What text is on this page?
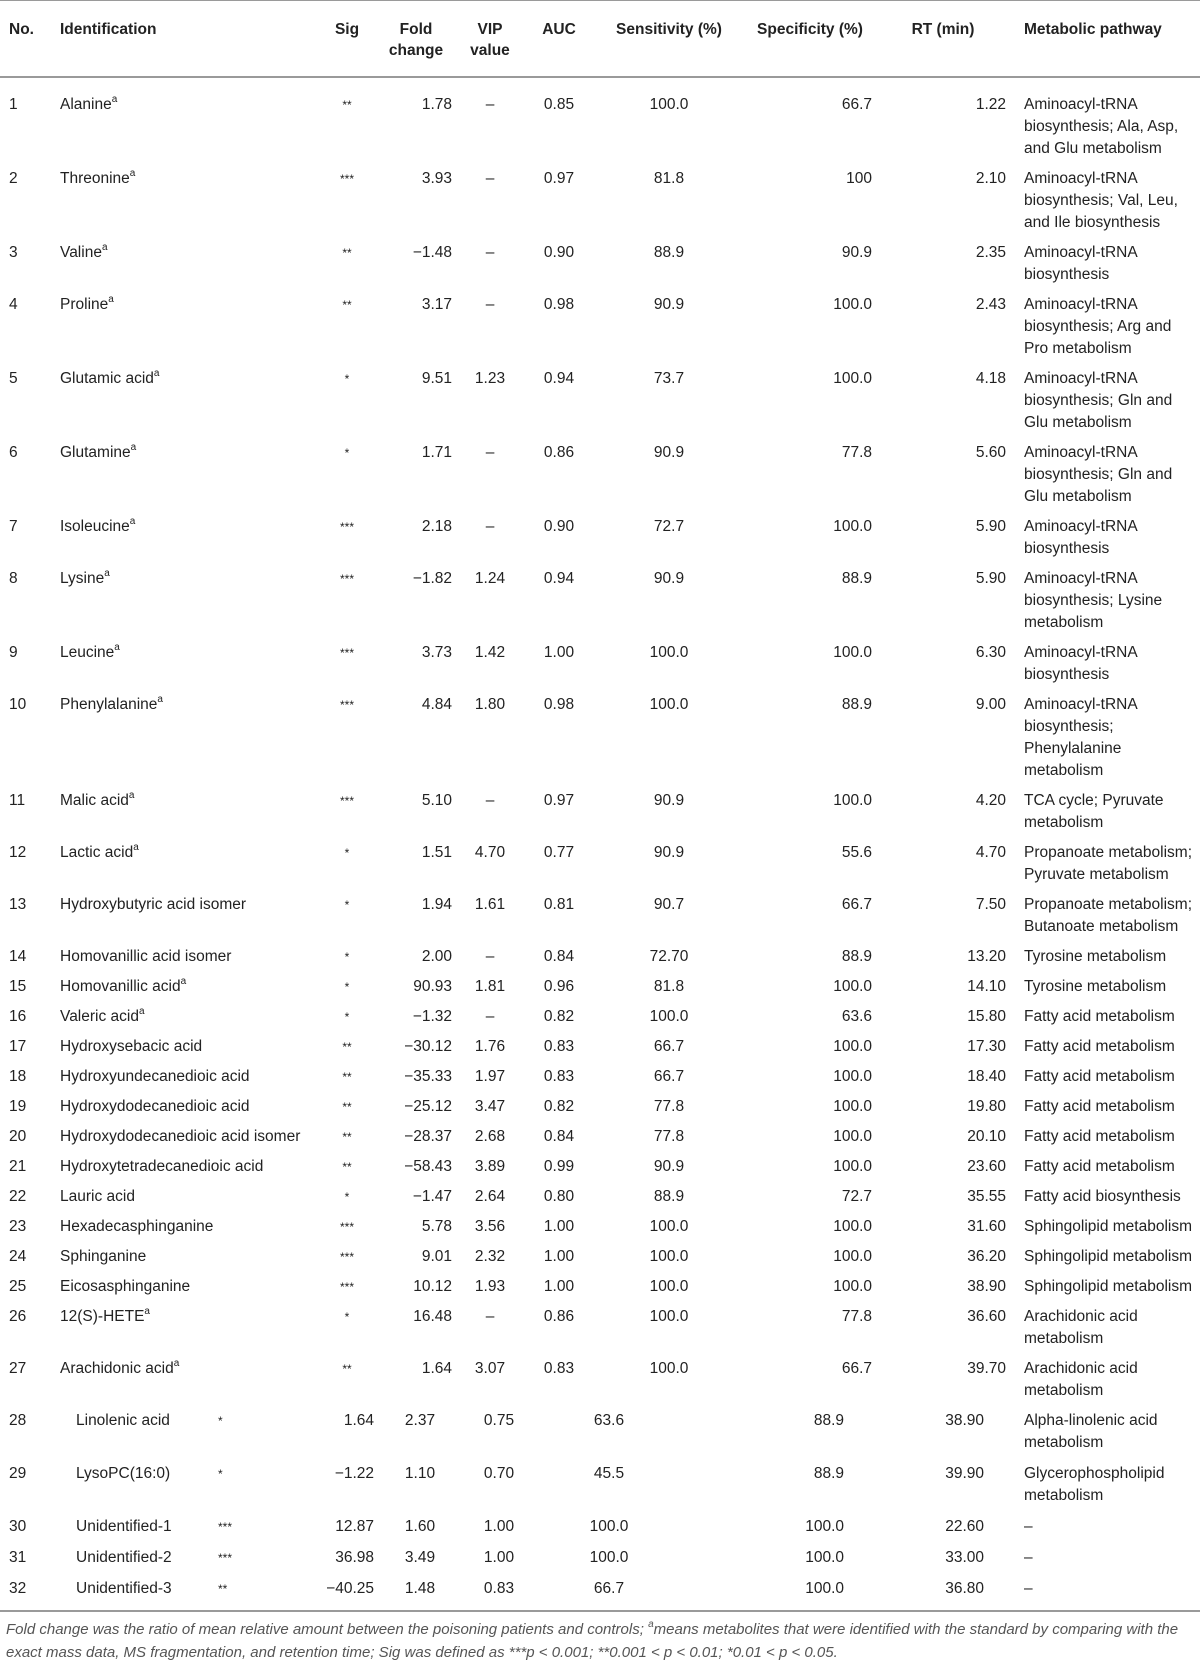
No.	Identification	Sig	Fold change	VIP value	AUC	Sensitivity (%)	Specificity (%)	RT (min)	Metabolic pathway

1	Alanine$^a$	**	1.78	–	0.85	100.0	66.7	1.22	Aminoacyl-tRNA biosynthesis; Ala, Asp, and Glu metabolism
2	Threonine$^a$	***	3.93	–	0.97	81.8	100	2.10	Aminoacyl-tRNA biosynthesis; Val, Leu, and Ile biosynthesis
3	Valine$^a$	**	−1.48	–	0.90	88.9	90.9	2.35	Aminoacyl-tRNA biosynthesis
4	Proline$^a$	**	3.17	–	0.98	90.9	100.0	2.43	Aminoacyl-tRNA biosynthesis; Arg and Pro metabolism
5	Glutamic acid$^a$	*	9.51	1.23	0.94	73.7	100.0	4.18	Aminoacyl-tRNA biosynthesis; Gln and Glu metabolism
6	Glutamine$^a$	*	1.71	–	0.86	90.9	77.8	5.60	Aminoacyl-tRNA biosynthesis; Gln and Glu metabolism
7	Isoleucine$^a$	***	2.18	–	0.90	72.7	100.0	5.90	Aminoacyl-tRNA biosynthesis
8	Lysine$^a$	***	−1.82	1.24	0.94	90.9	88.9	5.90	Aminoacyl-tRNA biosynthesis; Lysine metabolism
9	Leucine$^a$	***	3.73	1.42	1.00	100.0	100.0	6.30	Aminoacyl-tRNA biosynthesis
10	Phenylalanine$^a$	***	4.84	1.80	0.98	100.0	88.9	9.00	Aminoacyl-tRNA biosynthesis; Phenylalanine metabolism
11	Malic acid$^a$	***	5.10	–	0.97	90.9	100.0	4.20	TCA cycle; Pyruvate metabolism
12	Lactic acid$^a$	*	1.51	4.70	0.77	90.9	55.6	4.70	Propanoate metabolism; Pyruvate metabolism
13	Hydroxybutyric acid isomer	*	1.94	1.61	0.81	90.7	66.7	7.50	Propanoate metabolism; Butanoate metabolism
14	Homovanillic acid isomer	*	2.00	–	0.84	72.70	88.9	13.20	Tyrosine metabolism
15	Homovanillic acid$^a$	*	90.93	1.81	0.96	81.8	100.0	14.10	Tyrosine metabolism
16	Valeric acid$^a$	*	−1.32	–	0.82	100.0	63.6	15.80	Fatty acid metabolism
17	Hydroxysebacic acid	**	−30.12	1.76	0.83	66.7	100.0	17.30	Fatty acid metabolism
18	Hydroxyundecanedioic acid	**	−35.33	1.97	0.83	66.7	100.0	18.40	Fatty acid metabolism
19	Hydroxydodecanedioic acid	**	−25.12	3.47	0.82	77.8	100.0	19.80	Fatty acid metabolism
20	Hydroxydodecanedioic acid isomer	**	−28.37	2.68	0.84	77.8	100.0	20.10	Fatty acid metabolism
21	Hydroxytetradecanedioic acid	**	−58.43	3.89	0.99	90.9	100.0	23.60	Fatty acid metabolism
22	Lauric acid	*	−1.47	2.64	0.80	88.9	72.7	35.55	Fatty acid biosynthesis
23	Hexadecasphinganine	***	5.78	3.56	1.00	100.0	100.0	31.60	Sphingolipid metabolism
24	Sphinganine	***	9.01	2.32	1.00	100.0	100.0	36.20	Sphingolipid metabolism
25	Eicosasphinganine	***	10.12	1.93	1.00	100.0	100.0	38.90	Sphingolipid metabolism
26	12(S)-HETE$^a$	*	16.48	–	0.86	100.0	77.8	36.60	Arachidonic acid metabolism
27	Arachidonic acid$^a$	**	1.64	3.07	0.83	100.0	66.7	39.70	Arachidonic acid metabolism
28	Linolenic acid	*	1.64	2.37	0.75	63.6	88.9	38.90	Alpha-linolenic acid metabolism
29	LysoPC(16:0)	*	−1.22	1.10	0.70	45.5	88.9	39.90	Glycerophospholipid metabolism
30	Unidentified-1	***	12.87	1.60	1.00	100.0	100.0	22.60	–
31	Unidentified-2	***	36.98	3.49	1.00	100.0	100.0	33.00	–
32	Unidentified-3	**	−40.25	1.48	0.83	66.7	100.0	36.80	–
Fold change was the ratio of mean relative amount between the poisoning patients and controls; $^a$means metabolites that were identified with the standard by comparing with the exact mass data, MS fragmentation, and retention time; Sig was defined as ***p < 0.001; **0.001 < p < 0.01; *0.01 < p < 0.05.
